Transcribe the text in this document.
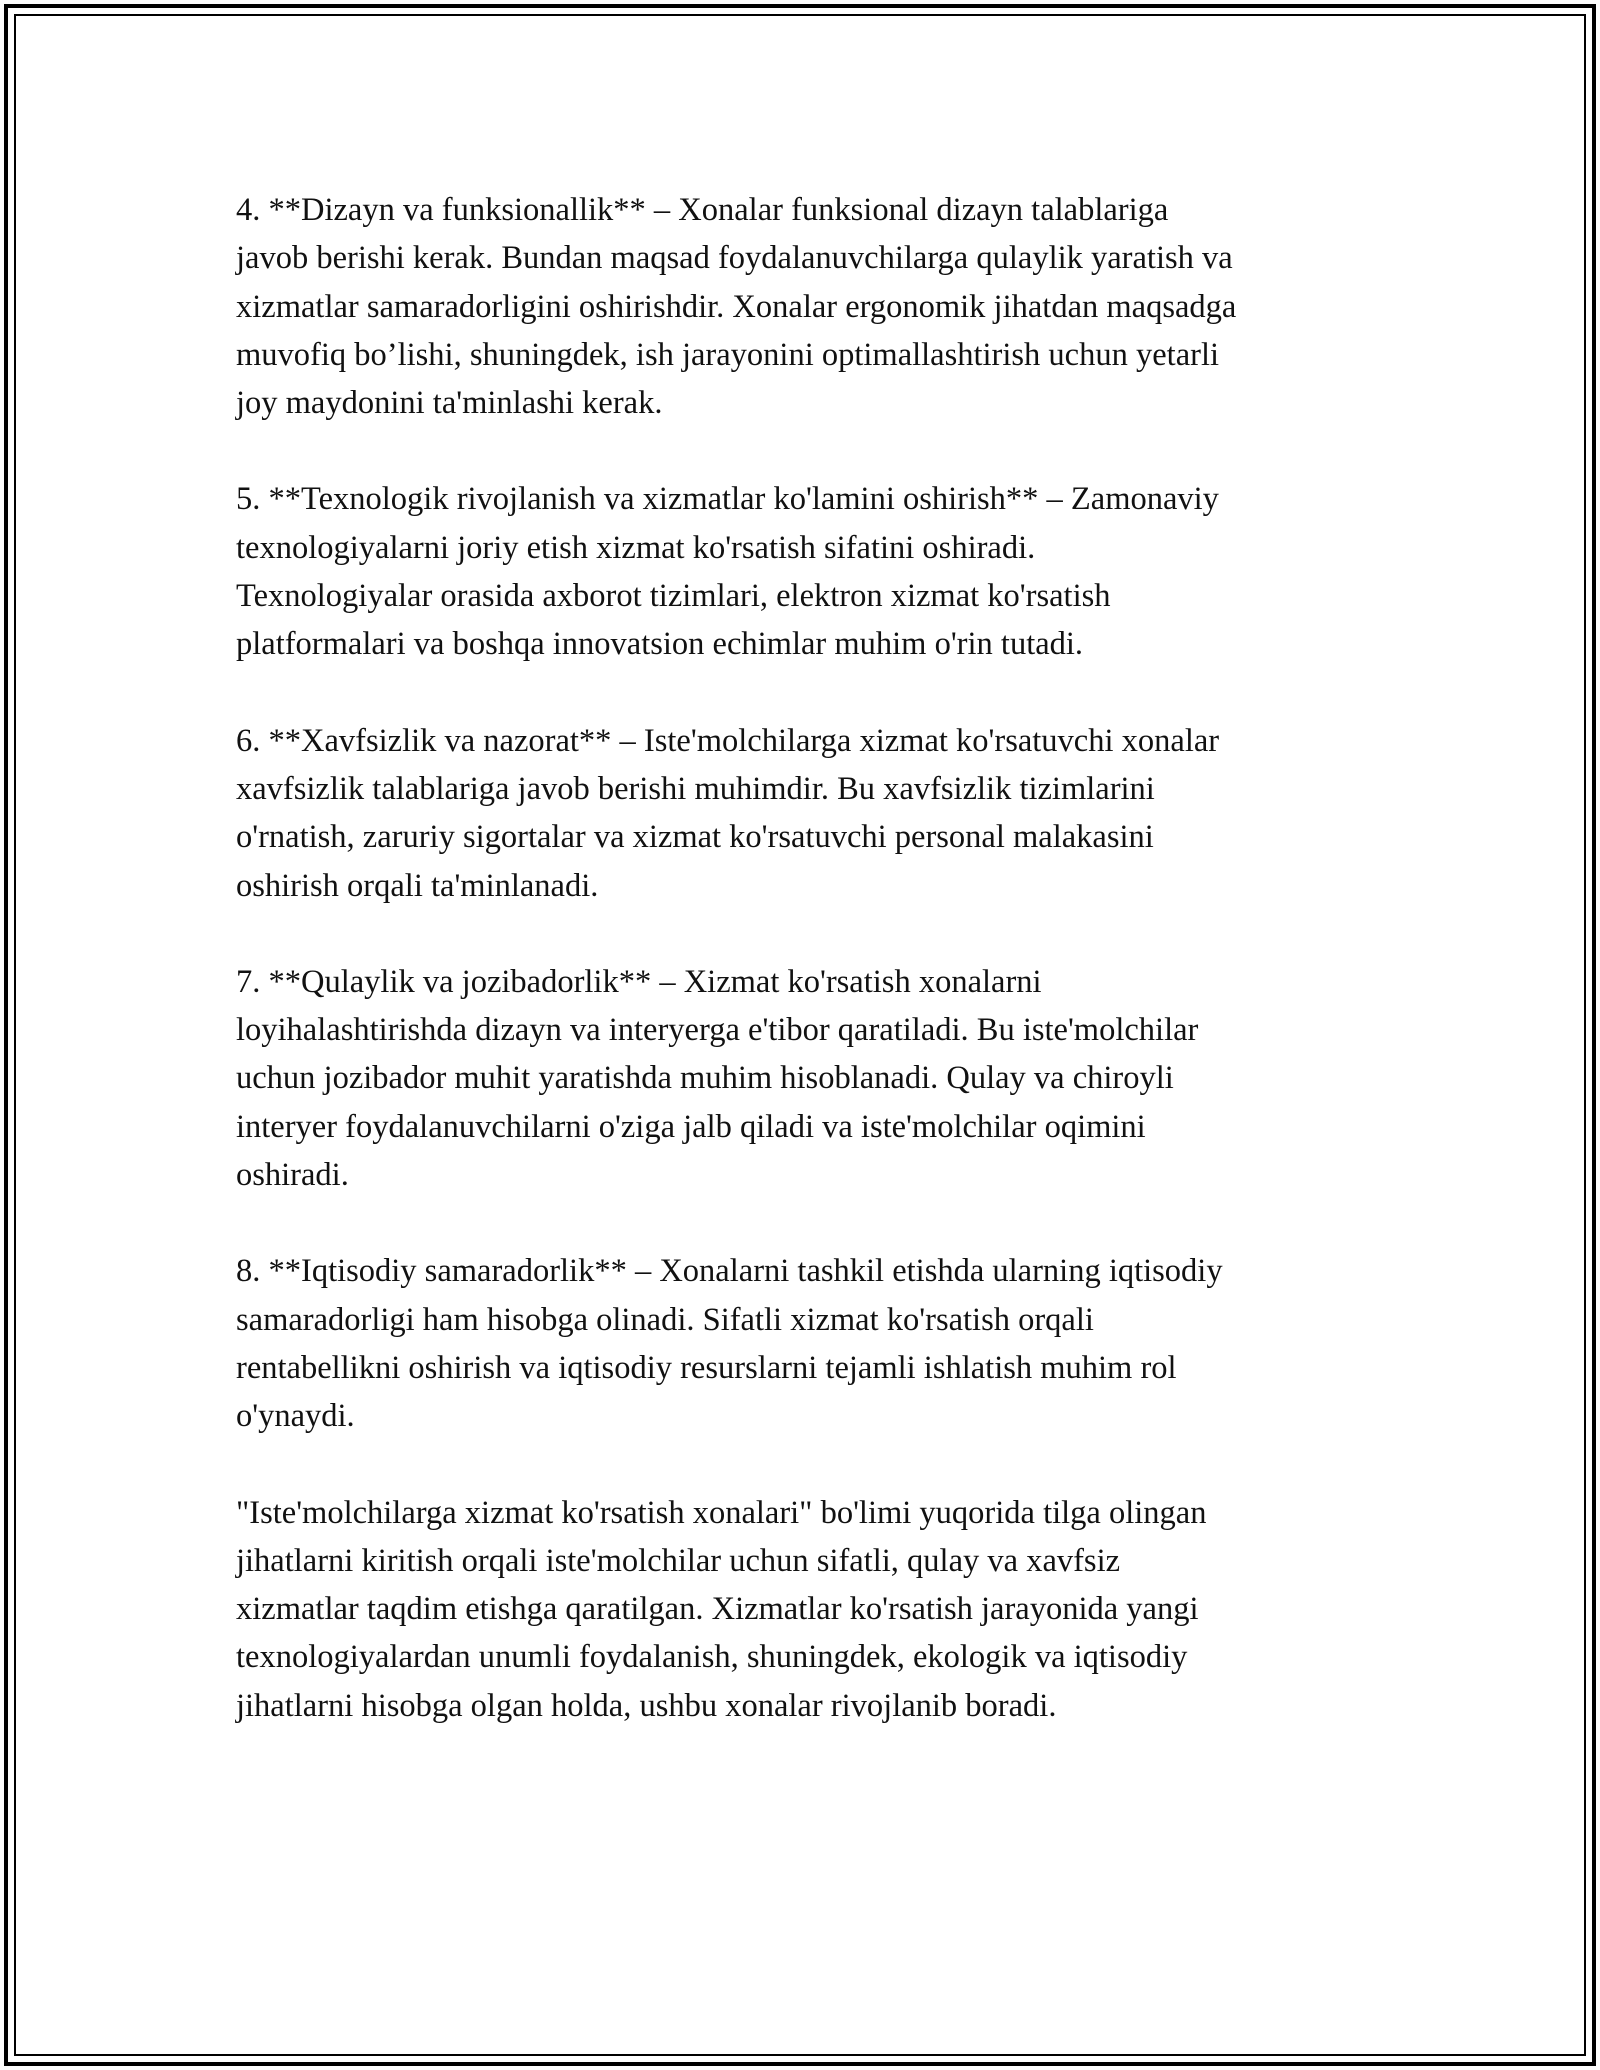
4. **Dizayn va funksionallik** – Xonalar funksional dizayn talablariga
javob berishi kerak. Bundan maqsad foydalanuvchilarga qulaylik yaratish va
xizmatlar samaradorligini oshirishdir. Xonalar ergonomik jihatdan maqsadga
muvofiq bo’lishi, shuningdek, ish jarayonini optimallashtirish uchun yetarli
joy maydonini ta'minlashi kerak.

5. **Texnologik rivojlanish va xizmatlar ko'lamini oshirish** – Zamonaviy
texnologiyalarni joriy etish xizmat ko'rsatish sifatini oshiradi.
Texnologiyalar orasida axborot tizimlari, elektron xizmat ko'rsatish
platformalari va boshqa innovatsion echimlar muhim o'rin tutadi.

6. **Xavfsizlik va nazorat** – Iste'molchilarga xizmat ko'rsatuvchi xonalar
xavfsizlik talablariga javob berishi muhimdir. Bu xavfsizlik tizimlarini
o'rnatish, zaruriy sigortalar va xizmat ko'rsatuvchi personal malakasini
oshirish orqali ta'minlanadi.

7. **Qulaylik va jozibadorlik** – Xizmat ko'rsatish xonalarni
loyihalashtirishda dizayn va interyerga e'tibor qaratiladi. Bu iste'molchilar
uchun jozibador muhit yaratishda muhim hisoblanadi. Qulay va chiroyli
interyer foydalanuvchilarni o'ziga jalb qiladi va iste'molchilar oqimini
oshiradi.

8. **Iqtisodiy samaradorlik** – Xonalarni tashkil etishda ularning iqtisodiy
samaradorligi ham hisobga olinadi. Sifatli xizmat ko'rsatish orqali
rentabellikni oshirish va iqtisodiy resurslarni tejamli ishlatish muhim rol
o'ynaydi.

"Iste'molchilarga xizmat ko'rsatish xonalari" bo'limi yuqorida tilga olingan
jihatlarni kiritish orqali iste'molchilar uchun sifatli, qulay va xavfsiz
xizmatlar taqdim etishga qaratilgan. Xizmatlar ko'rsatish jarayonida yangi
texnologiyalardan unumli foydalanish, shuningdek, ekologik va iqtisodiy
jihatlarni hisobga olgan holda, ushbu xonalar rivojlanib boradi.
